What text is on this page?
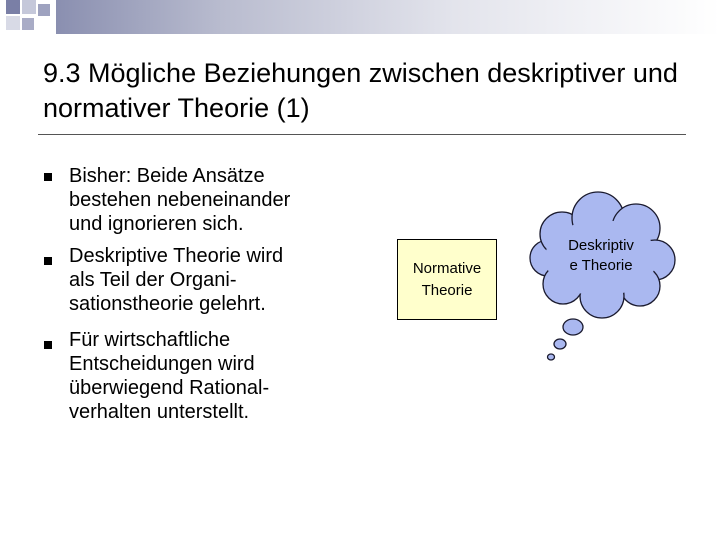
9.3 Mögliche Beziehungen zwischen deskriptiver und normativer Theorie (1)
Bisher: Beide Ansätze
bestehen nebeneinander
und ignorieren sich.
Deskriptive Theorie wird
als Teil der Organi-
sationstheorie gelehrt.
Für wirtschaftliche
Entscheidungen wird
überwiegend Rational-
verhalten unterstellt.
Normative
Theorie
Deskriptiv
e Theorie
